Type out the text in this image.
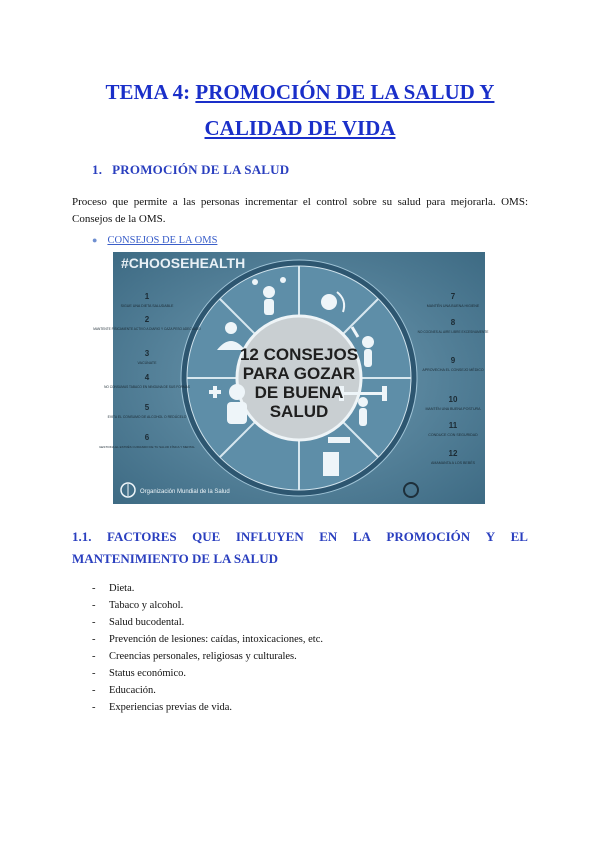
TEMA 4: PROMOCIÓN DE LA SALUD Y
CALIDAD DE VIDA
1. PROMOCIÓN DE LA SALUD
Proceso que permite a las personas incrementar el control sobre su salud para mejorarla. OMS: Consejos de la OMS.
● CONSEJOS DE LA OMS
#CHOOSEHEALTH
12 CONSEJOS
PARA GOZAR
DE BUENA
SALUD
1
SIGUE UNA DIETA SALUDABLE
2
MANTENTE FÍSICAMENTE ACTIVO A DIARIO Y CAZA PESO ADECUADO
3
VACÚNATE
4
NO CONSUMAS TABACO EN NINGUNA DE SUS FORMAS
5
EVITA EL CONSUMO DE ALCOHOL O REDÚCELO
6
GESTIONA EL ESTRÉS CUIDANDO DE TU SALUD FÍSICA Y MENTAL
7
MANTÉN UNA BUENA HIGIENE
8
NO COCINES AL AIRE LIBRE EXCESIVAMENTE
9
APROVECHA EL CONSEJO MÉDICO
10
MANTÉN UNA BUENA POSTURA
11
CONDUCE CON SEGURIDAD
12
AMAMANTA A LOS BEBÉS
Organización Mundial de la Salud
1.1. FACTORES QUE INFLUYEN EN LA PROMOCIÓN Y EL
MANTENIMIENTO DE LA SALUD
- Dieta.
- Tabaco y alcohol.
- Salud bucodental.
- Prevención de lesiones: caídas, intoxicaciones, etc.
- Creencias personales, religiosas y culturales.
- Status económico.
- Educación.
- Experiencias previas de vida.
